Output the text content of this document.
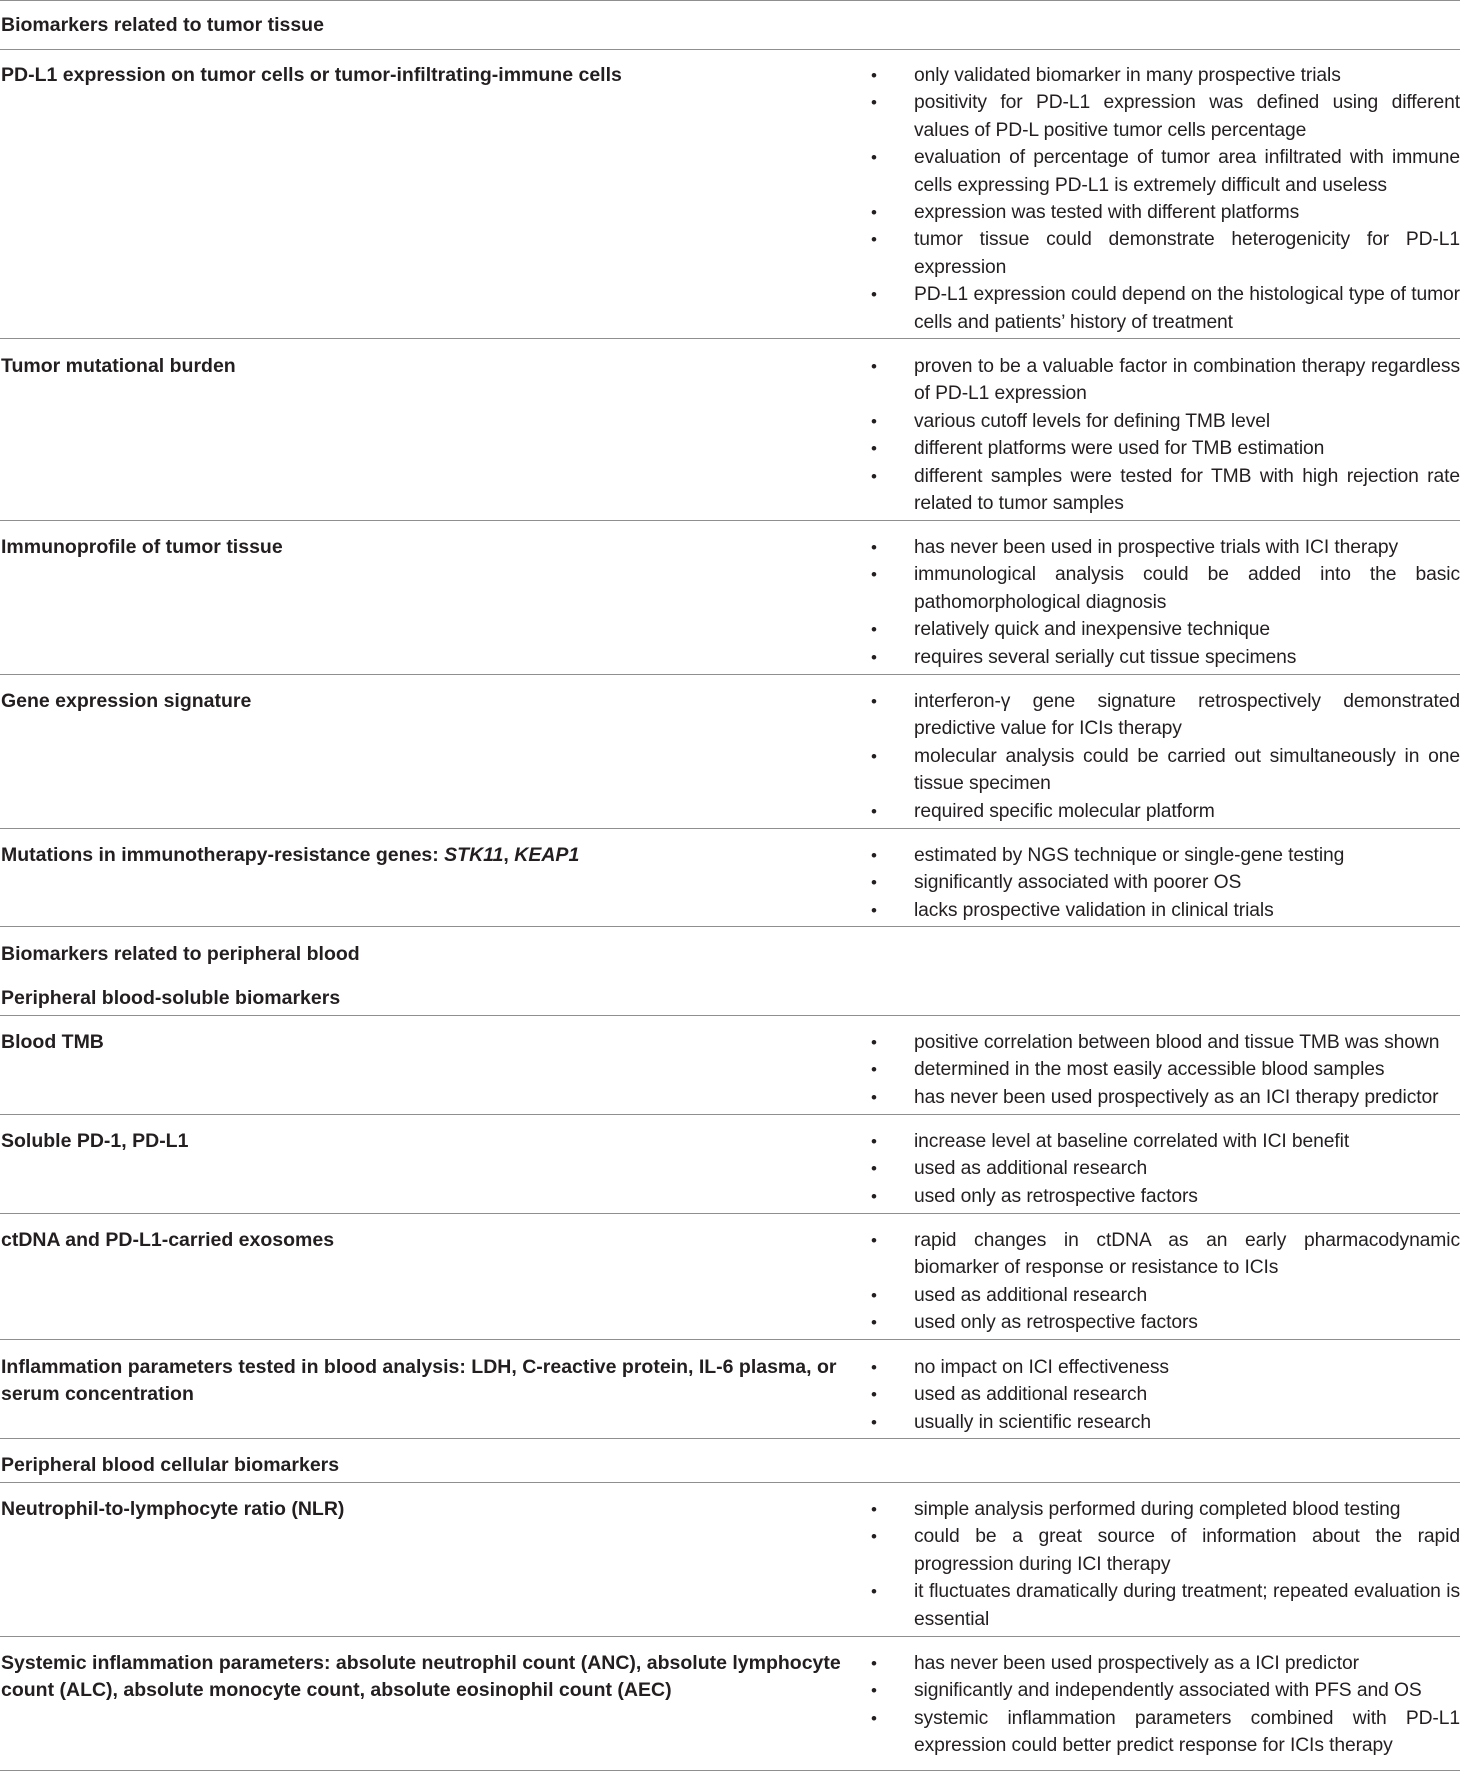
Biomarkers related to tumor tissue
PD-L1 expression on tumor cells or tumor-infiltrating-immune cells	• only validated biomarker in many prospective trials
• positivity for PD-L1 expression was defined using different values of PD-L positive tumor cells percentage
• evaluation of percentage of tumor area infiltrated with immune cells expressing PD-L1 is extremely difficult and useless
• expression was tested with different platforms
• tumor tissue could demonstrate heterogenicity for PD-L1 expression
• PD-L1 expression could depend on the histological type of tumor cells and patients’ history of treatment
Tumor mutational burden	• proven to be a valuable factor in combination therapy regardless of PD-L1 expression
• various cutoff levels for defining TMB level
• different platforms were used for TMB estimation
• different samples were tested for TMB with high rejection rate related to tumor samples
Immunoprofile of tumor tissue	• has never been used in prospective trials with ICI therapy
• immunological analysis could be added into the basic pathomorphological diagnosis
• relatively quick and inexpensive technique
• requires several serially cut tissue specimens
Gene expression signature	• interferon-γ gene signature retrospectively demonstrated predictive value for ICIs therapy
• molecular analysis could be carried out simultaneously in one tissue specimen
• required specific molecular platform
Mutations in immunotherapy-resistance genes: STK11, KEAP1	• estimated by NGS technique or single-gene testing
• significantly associated with poorer OS
• lacks prospective validation in clinical trials
Biomarkers related to peripheral blood
Peripheral blood-soluble biomarkers
Blood TMB	• positive correlation between blood and tissue TMB was shown
• determined in the most easily accessible blood samples
• has never been used prospectively as an ICI therapy predictor
Soluble PD-1, PD-L1	• increase level at baseline correlated with ICI benefit
• used as additional research
• used only as retrospective factors
ctDNA and PD-L1-carried exosomes	• rapid changes in ctDNA as an early pharmacodynamic biomarker of response or resistance to ICIs
• used as additional research
• used only as retrospective factors
Inflammation parameters tested in blood analysis: LDH, C-reactive protein, IL-6 plasma, or serum concentration
• no impact on ICI effectiveness
• used as additional research
• usually in scientific research
Peripheral blood cellular biomarkers
Neutrophil-to-lymphocyte ratio (NLR)	• simple analysis performed during completed blood testing
• could be a great source of information about the rapid progression during ICI therapy
• it fluctuates dramatically during treatment; repeated evaluation is essential
Systemic inflammation parameters: absolute neutrophil count (ANC), absolute lymphocyte count (ALC), absolute monocyte count, absolute eosinophil count (AEC)
• has never been used prospectively as a ICI predictor
• significantly and independently associated with PFS and OS
• systemic inflammation parameters combined with PD-L1 expression could better predict response for ICIs therapy
